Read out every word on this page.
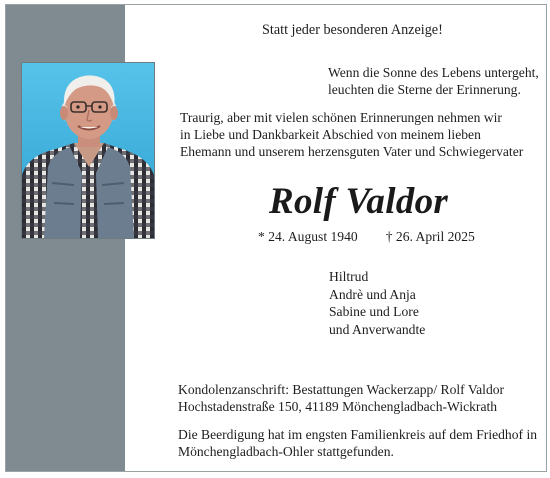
Statt jeder besonderen Anzeige!
Wenn die Sonne des Lebens untergeht,
leuchten die Sterne der Erinnerung.
Traurig, aber mit vielen schönen Erinnerungen nehmen wir
in Liebe und Dankbarkeit Abschied von meinem lieben
Ehemann und unserem herzensguten Vater und Schwiegervater
Rolf Valdor
* 24. August 1940 † 26. April 2025
Hiltrud
Andrè und Anja
Sabine und Lore
und Anverwandte
Kondolenzanschrift: Bestattungen Wackerzapp/ Rolf Valdor
Hochstadenstraße 150, 41189 Mönchengladbach-Wickrath
Die Beerdigung hat im engsten Familienkreis auf dem Friedhof in
Mönchengladbach-Ohler stattgefunden.
